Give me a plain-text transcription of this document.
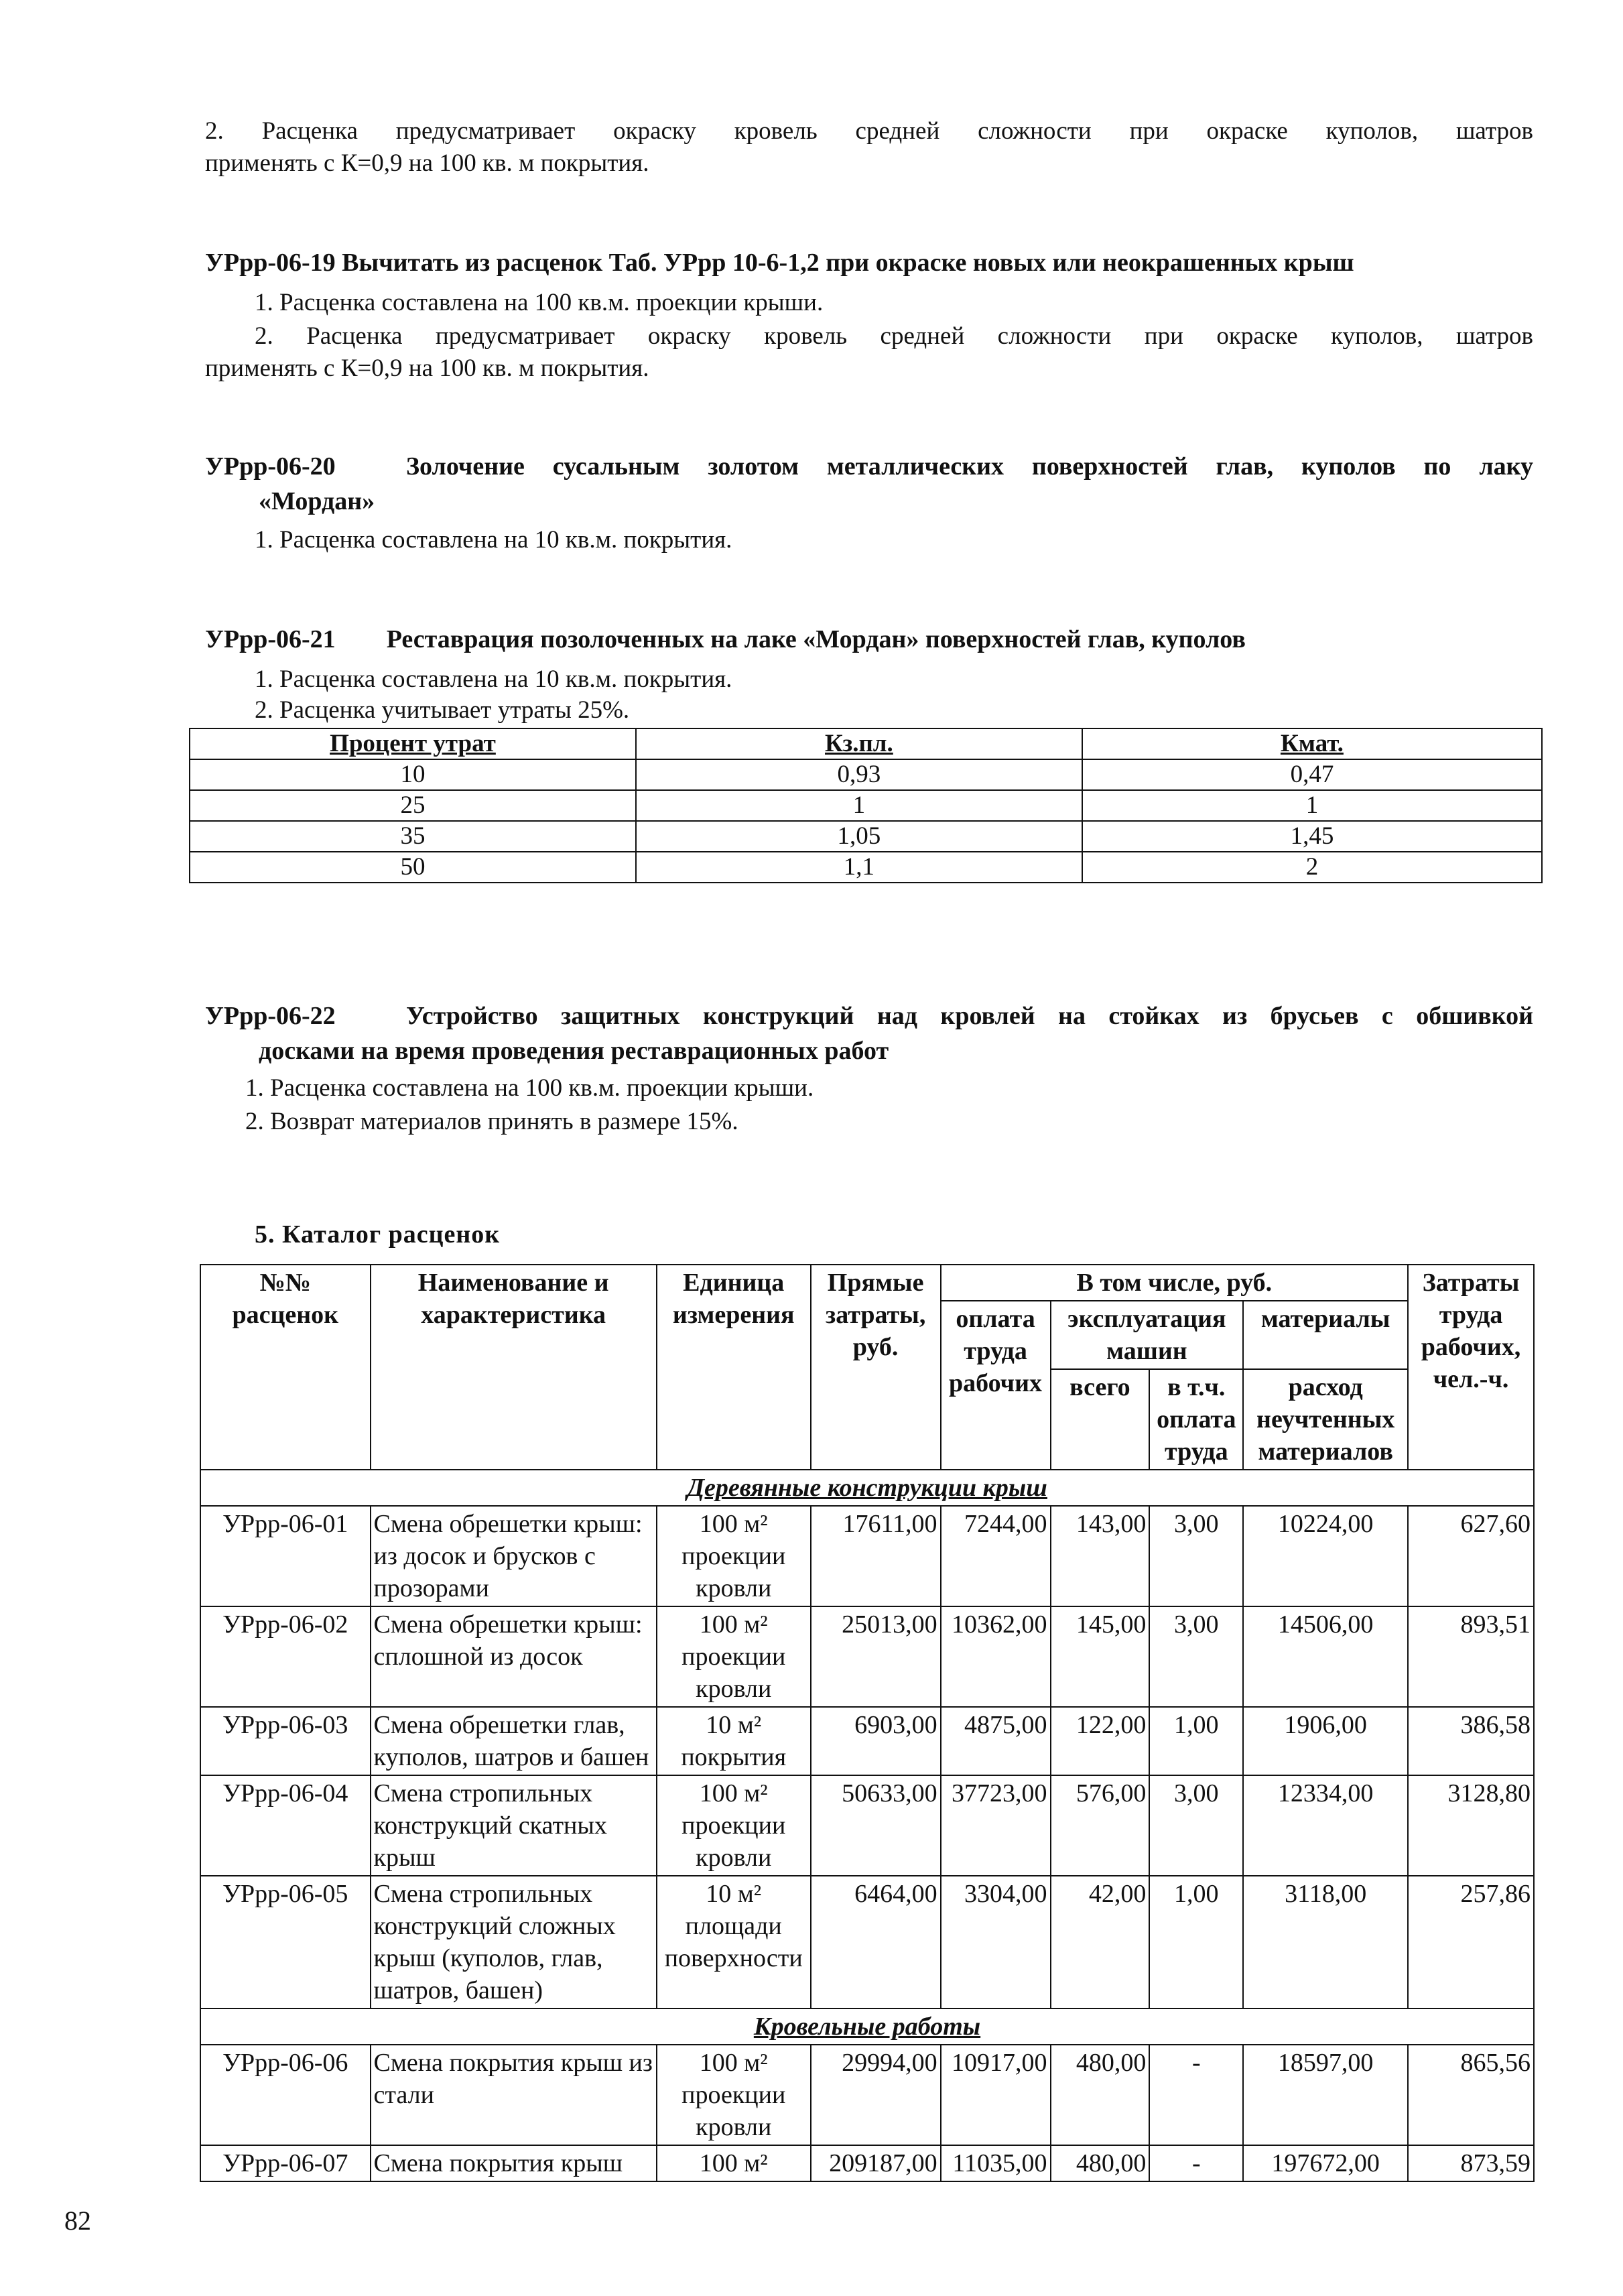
2. Расценка предусматривает окраску кровель средней сложности при окраске куполов, шатров
применять с К=0,9 на 100 кв. м покрытия.
УРрр-06-19 Вычитать из расценок Таб. УРрр 10-6-1,2 при окраске новых или неокрашенных крыш
1. Расценка составлена на 100 кв.м. проекции крыши.
2. Расценка предусматривает окраску кровель средней сложности при окраске куполов, шатров
применять с К=0,9 на 100 кв. м покрытия.
УРрр-06-20	Золочение сусальным золотом металлических поверхностей глав, куполов по лаку
«Мордан»
1. Расценка составлена на 10 кв.м. покрытия.
УРрр-06-21 Реставрация позолоченных на лаке «Мордан» поверхностей глав, куполов
1. Расценка составлена на 10 кв.м. покрытия.
2. Расценка учитывает утраты 25%.
Процент утрат	Кз.пл.	Кмат.
10	0,93	0,47
25	1	1
35	1,05	1,45
50	1,1	2
УРрр-06-22	Устройство защитных конструкций над кровлей на стойках из брусьев с обшивкой
досками на время проведения реставрационных работ
1. Расценка составлена на 100 кв.м. проекции крыши.
2. Возврат материалов принять в размере 15%.
5. Каталог расценок
№№ расценок	Наименование и характеристика	Единица измерения	Прямые затраты, руб.	В том числе, руб.				Затраты труда рабочих, чел.-ч.
				оплата труда рабочих	эксплуатация машин		материалы	
					всего	в т.ч. оплата труда	расход неучтенных материалов	
Деревянные конструкции крыш								
УРрр-06-01	Смена обрешетки крыш: из досок и брусков с прозорами	100 м² проекции кровли	17611,00	7244,00	143,00	3,00	10224,00	627,60
УРрр-06-02	Смена обрешетки крыш: сплошной из досок	100 м² проекции кровли	25013,00	10362,00	145,00	3,00	14506,00	893,51
УРрр-06-03	Смена обрешетки глав, куполов, шатров и башен	10 м² покрытия	6903,00	4875,00	122,00	1,00	1906,00	386,58
УРрр-06-04	Смена стропильных конструкций скатных крыш	100 м² проекции кровли	50633,00	37723,00	576,00	3,00	12334,00	3128,80
УРрр-06-05	Смена стропильных конструкций сложных крыш (куполов, глав, шатров, башен)	10 м² площади поверхности	6464,00	3304,00	42,00	1,00	3118,00	257,86
Кровельные работы								
УРрр-06-06	Смена покрытия крыш из стали	100 м² проекции кровли	29994,00	10917,00	480,00	-	18597,00	865,56
УРрр-06-07	Смена покрытия крыш	100 м²	209187,00	11035,00	480,00	-	197672,00	873,59
82
